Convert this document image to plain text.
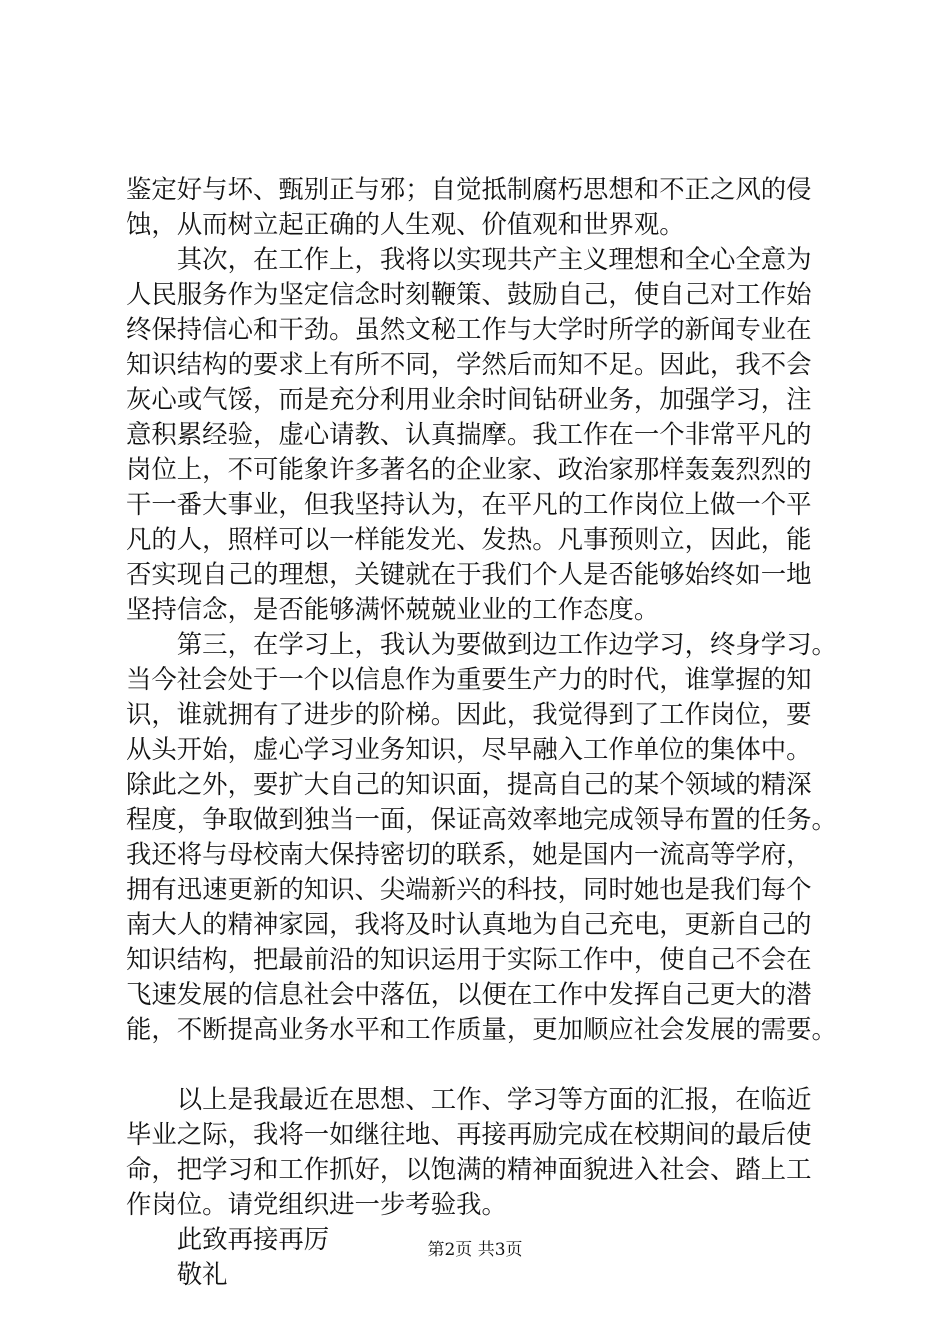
鉴定好与坏、甄别正与邪；自觉抵制腐朽思想和不正之风的侵
蚀，从而树立起正确的人生观、价值观和世界观。
　　其次，在工作上，我将以实现共产主义理想和全心全意为
人民服务作为坚定信念时刻鞭策、鼓励自己，使自己对工作始
终保持信心和干劲。虽然文秘工作与大学时所学的新闻专业在
知识结构的要求上有所不同，学然后而知不足。因此，我不会
灰心或气馁，而是充分利用业余时间钻研业务，加强学习，注
意积累经验，虚心请教、认真揣摩。我工作在一个非常平凡的
岗位上，不可能象许多著名的企业家、政治家那样轰轰烈烈的
干一番大事业，但我坚持认为，在平凡的工作岗位上做一个平
凡的人，照样可以一样能发光、发热。凡事预则立，因此，能
否实现自己的理想，关键就在于我们个人是否能够始终如一地
坚持信念，是否能够满怀兢兢业业的工作态度。
　　第三，在学习上，我认为要做到边工作边学习，终身学习。
当今社会处于一个以信息作为重要生产力的时代，谁掌握的知
识，谁就拥有了进步的阶梯。因此，我觉得到了工作岗位，要
从头开始，虚心学习业务知识，尽早融入工作单位的集体中。
除此之外，要扩大自己的知识面，提高自己的某个领域的精深
程度，争取做到独当一面，保证高效率地完成领导布置的任务。
我还将与母校南大保持密切的联系，她是国内一流高等学府，
拥有迅速更新的知识、尖端新兴的科技，同时她也是我们每个
南大人的精神家园，我将及时认真地为自己充电，更新自己的
知识结构，把最前沿的知识运用于实际工作中，使自己不会在
飞速发展的信息社会中落伍，以便在工作中发挥自己更大的潜
能，不断提高业务水平和工作质量，更加顺应社会发展的需要。
　　以上是我最近在思想、工作、学习等方面的汇报，在临近
毕业之际，我将一如继往地、再接再励完成在校期间的最后使
命，把学习和工作抓好，以饱满的精神面貌进入社会、踏上工
作岗位。请党组织进一步考验我。
　　此致再接再厉
　　敬礼
第2页 共3页
